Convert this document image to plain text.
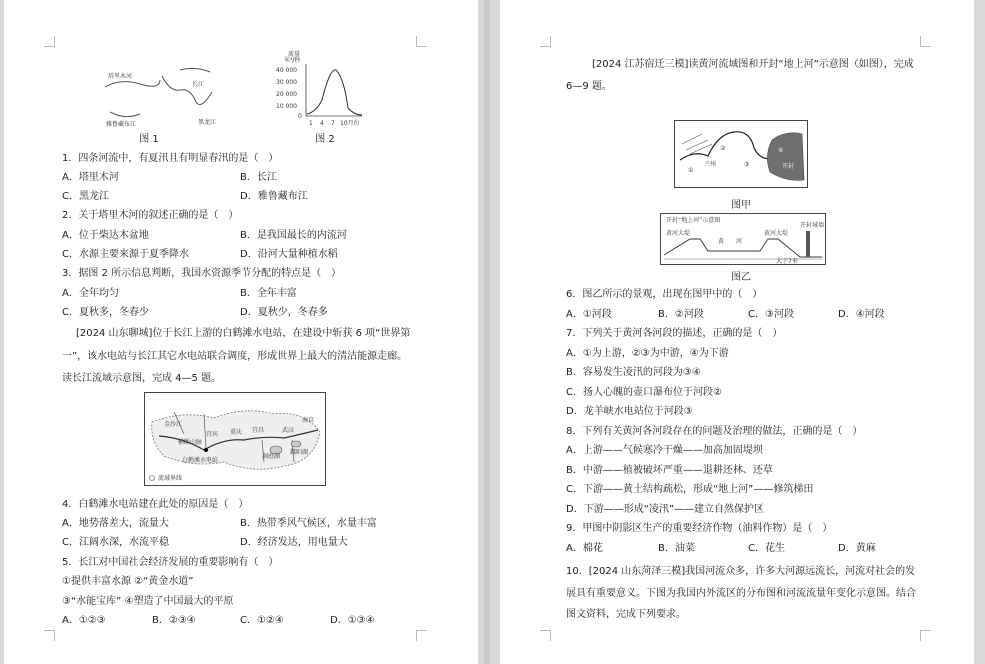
塔里木河
长江
黑龙江
雅鲁藏布江
图 1
流量
米³/秒
40 000
30 000
20 000
10 000
0
1 4 7 10月份
图 2
1．四条河流中，有夏汛且有明显春汛的是（　）
A．塔里木河	B．长江
C．黑龙江	D．雅鲁藏布江
2．关于塔里木河的叙述正确的是（　）
A．位于柴达木盆地	B．是我国最长的内流河
C．水源主要来源于夏季降水	D．沿河大量种植水稻
3．据图 2 所示信息判断，我国水资源季节分配的特点是（　）
A．全年均匀	B．全年丰富
C．夏秋多，冬春少	D．夏秋少，冬春多
[2024 山东聊城]位于长江上游的白鹤滩水电站，在建设中斩获 6 项“世界第
一”，该水电站与长江其它水电站联合调度，形成世界上最大的清洁能源走廊。
读长江流域示意图，完成 4—5 题。
白鹤滩水电站
横断山脉
宜宾 重庆 宜昌	武汉
南京
洞庭湖
鄱阳湖
金沙江
流域界线
4．白鹤滩水电站建在此处的原因是（　）
A．地势落差大，流量大	B．热带季风气候区，水量丰富
C．江阔水深，水流平稳	D．经济发达，用电量大
5．长江对中国社会经济发展的重要影响有（　）
①提供丰富水源 ②“黄金水道”
③“水能宝库” ④塑造了中国最大的平原
A．①②③	B．②③④	C．①②④	D．①③④
[2024 江苏宿迁三模]读黄河流域图和开封“地上河”示意图（如图），完成
6—9 题。
①
②
③
④
开封
兰州
图甲
开封“地上河”示意图
黄河大堤
黄　　河
黄河大堤
开封城墙
大于7米
图乙
6．图乙所示的景观，出现在图甲中的（　）
A．①河段	B．②河段	C．③河段	D．④河段
7．下列关于黄河各河段的描述，正确的是（　）
A．①为上游，②③为中游，④为下游
B．容易发生凌汛的河段为③④
C．扬人心魄的壶口瀑布位于河段②
D．龙羊峡水电站位于河段③
8．下列有关黄河各河段存在的问题及治理的做法，正确的是（　）
A．上游——气候寒冷干燥——加高加固堤坝
B．中游——植被破坏严重——退耕还林、还草
C．下游——黄土结构疏松，形成“地上河”——修筑梯田
D．下游——形成“凌汛”——建立自然保护区
9．甲图中阴影区生产的重要经济作物（油料作物）是（　）
A．棉花	B．油菜	C．花生	D．黄麻
10．[2024 山东菏泽三模]我国河流众多，许多大河源远流长，河流对社会的发
展具有重要意义。下图为我国内外流区的分布图和河流流量年变化示意图。结合
图文资料，完成下列要求。
